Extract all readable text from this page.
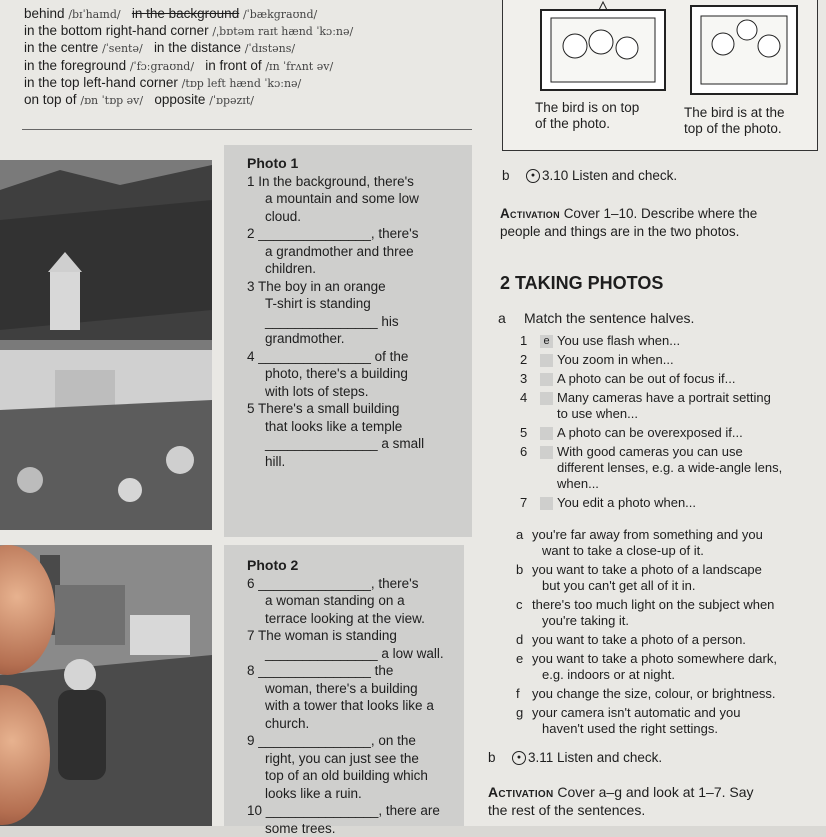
behind /bɪˈhaɪnd/ in the background /ˈbækgraʊnd/
in the bottom right-hand corner /ˌbɒtəm raɪt hænd ˈkɔːnə/
in the centre /ˈsentə/ in the distance /ˈdɪstəns/
in the foreground /ˈfɔːgraʊnd/ in front of /ɪn ˈfrʌnt əv/
in the top left-hand corner /tɒp left hænd ˈkɔːnə/
on top of /ɒn ˈtɒp əv/ opposite /ˈɒpəzɪt/	The bird is on top
of the photo.
The bird is at the
top of the photo.
Photo 1
1 In the background, there's
a mountain and some low
cloud.
2 _______________, there's
a grandmother and three
children.
3 The boy in an orange
T-shirt is standing
_______________ his
grandmother.
4 _______________ of the
photo, there's a building
with lots of steps.
5 There's a small building
that looks like a temple
_______________ a small
hill.
Photo 2
6 _______________, there's
a woman standing on a
terrace looking at the view.
7 The woman is standing
_______________ a low wall.
8 _______________ the
woman, there's a building
with a tower that looks like a
church.
9 _______________, on the
right, you can just see the
top of an old building which
looks like a ruin.
10 _______________, there are
some trees.
b	● 3.10 Listen and check.
Activation Cover 1–10. Describe where the
people and things are in the two photos.
2 TAKING PHOTOS
a Match the sentence halves.
1 e You use flash when...
2 You zoom in when...
3 A photo can be out of focus if...
4 Many cameras have a portrait setting
to use when...
5 A photo can be overexposed if...
6 With good cameras you can use
different lenses, e.g. a wide-angle lens,
when...
7 You edit a photo when...
a you're far away from something and you
want to take a close-up of it.
b you want to take a photo of a landscape
but you can't get all of it in.
c there's too much light on the subject when
you're taking it.
d you want to take a photo of a person.
e you want to take a photo somewhere dark,
e.g. indoors or at night.
f you change the size, colour, or brightness.
g your camera isn't automatic and you
haven't used the right settings.
b	● 3.11 Listen and check.
Activation Cover a–g and look at 1–7. Say
the rest of the sentences.
